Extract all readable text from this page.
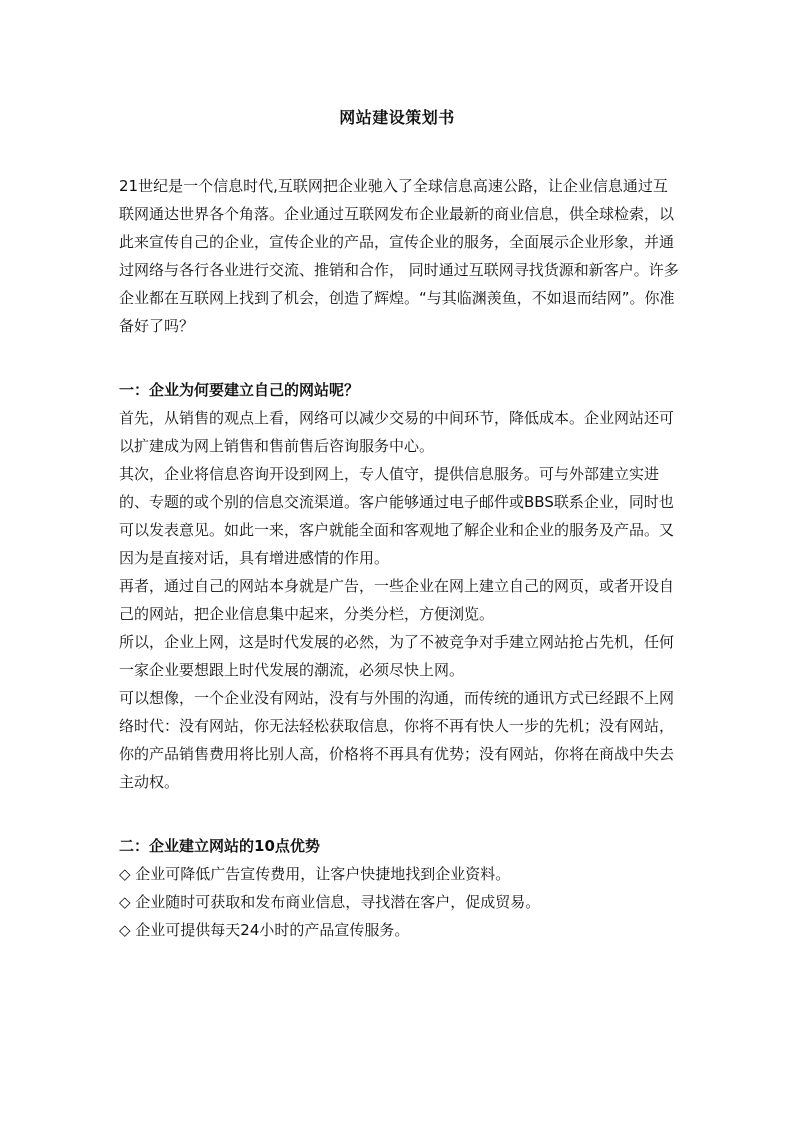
网站建设策划书

21世纪是一个信息时代,互联网把企业驰入了全球信息高速公路，让企业信息通过互联网通达世界各个角落。企业通过互联网发布企业最新的商业信息，供全球检索，以此来宣传自己的企业，宣传企业的产品，宣传企业的服务，全面展示企业形象，并通过网络与各行各业进行交流、推销和合作， 同时通过互联网寻找货源和新客户。许多企业都在互联网上找到了机会，创造了辉煌。“与其临渊羡鱼，不如退而结网”。你准备好了吗？

一：企业为何要建立自己的网站呢？

首先，从销售的观点上看，网络可以减少交易的中间环节，降低成本。企业网站还可以扩建成为网上销售和售前售后咨询服务中心。

其次，企业将信息咨询开设到网上，专人值守，提供信息服务。可与外部建立实进的、专题的或个别的信息交流渠道。客户能够通过电子邮件或BBS联系企业，同时也可以发表意见。如此一来，客户就能全面和客观地了解企业和企业的服务及产品。又因为是直接对话，具有增进感情的作用。

再者，通过自己的网站本身就是广告，一些企业在网上建立自己的网页，或者开设自己的网站，把企业信息集中起来，分类分栏，方便浏览。

所以，企业上网，这是时代发展的必然，为了不被竞争对手建立网站抢占先机，任何一家企业要想跟上时代发展的潮流，必须尽快上网。

可以想像，一个企业没有网站，没有与外围的沟通，而传统的通讯方式已经跟不上网络时代：没有网站，你无法轻松获取信息，你将不再有快人一步的先机；没有网站，你的产品销售费用将比别人高，价格将不再具有优势；没有网站，你将在商战中失去主动权。

二：企业建立网站的10点优势

◇ 企业可降低广告宣传费用，让客户快捷地找到企业资料。

◇ 企业随时可获取和发布商业信息，寻找潜在客户，促成贸易。

◇ 企业可提供每天24小时的产品宣传服务。
